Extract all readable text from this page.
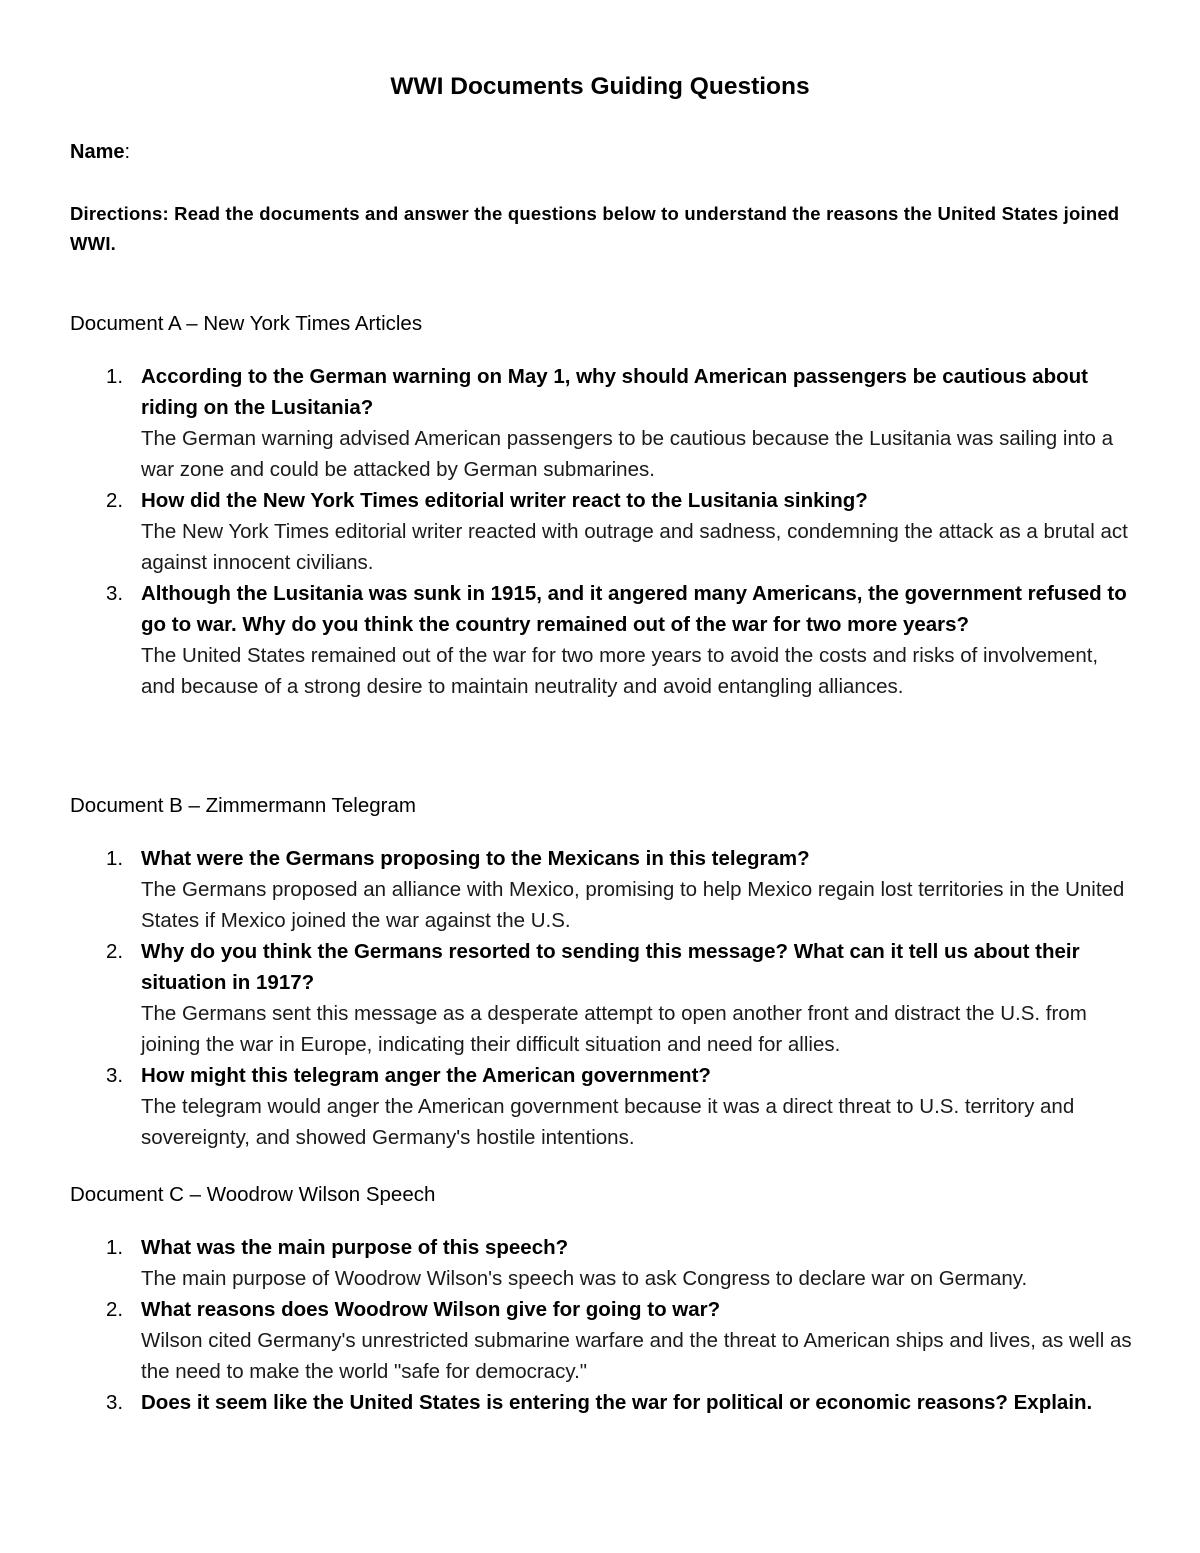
WWI Documents Guiding Questions
Name:
Directions: Read the documents and answer the questions below to understand the reasons the United States joined WWI.
Document A – New York Times Articles
1. According to the German warning on May 1, why should American passengers be cautious about riding on the Lusitania?
The German warning advised American passengers to be cautious because the Lusitania was sailing into a war zone and could be attacked by German submarines.
2. How did the New York Times editorial writer react to the Lusitania sinking?
The New York Times editorial writer reacted with outrage and sadness, condemning the attack as a brutal act against innocent civilians.
3. Although the Lusitania was sunk in 1915, and it angered many Americans, the government refused to go to war. Why do you think the country remained out of the war for two more years?
The United States remained out of the war for two more years to avoid the costs and risks of involvement, and because of a strong desire to maintain neutrality and avoid entangling alliances.
Document B – Zimmermann Telegram
1. What were the Germans proposing to the Mexicans in this telegram?
The Germans proposed an alliance with Mexico, promising to help Mexico regain lost territories in the United States if Mexico joined the war against the U.S.
2. Why do you think the Germans resorted to sending this message? What can it tell us about their situation in 1917?
The Germans sent this message as a desperate attempt to open another front and distract the U.S. from joining the war in Europe, indicating their difficult situation and need for allies.
3. How might this telegram anger the American government?
The telegram would anger the American government because it was a direct threat to U.S. territory and sovereignty, and showed Germany's hostile intentions.
Document C – Woodrow Wilson Speech
1. What was the main purpose of this speech?
The main purpose of Woodrow Wilson's speech was to ask Congress to declare war on Germany.
2. What reasons does Woodrow Wilson give for going to war?
Wilson cited Germany's unrestricted submarine warfare and the threat to American ships and lives, as well as the need to make the world "safe for democracy."
3. Does it seem like the United States is entering the war for political or economic reasons? Explain.
